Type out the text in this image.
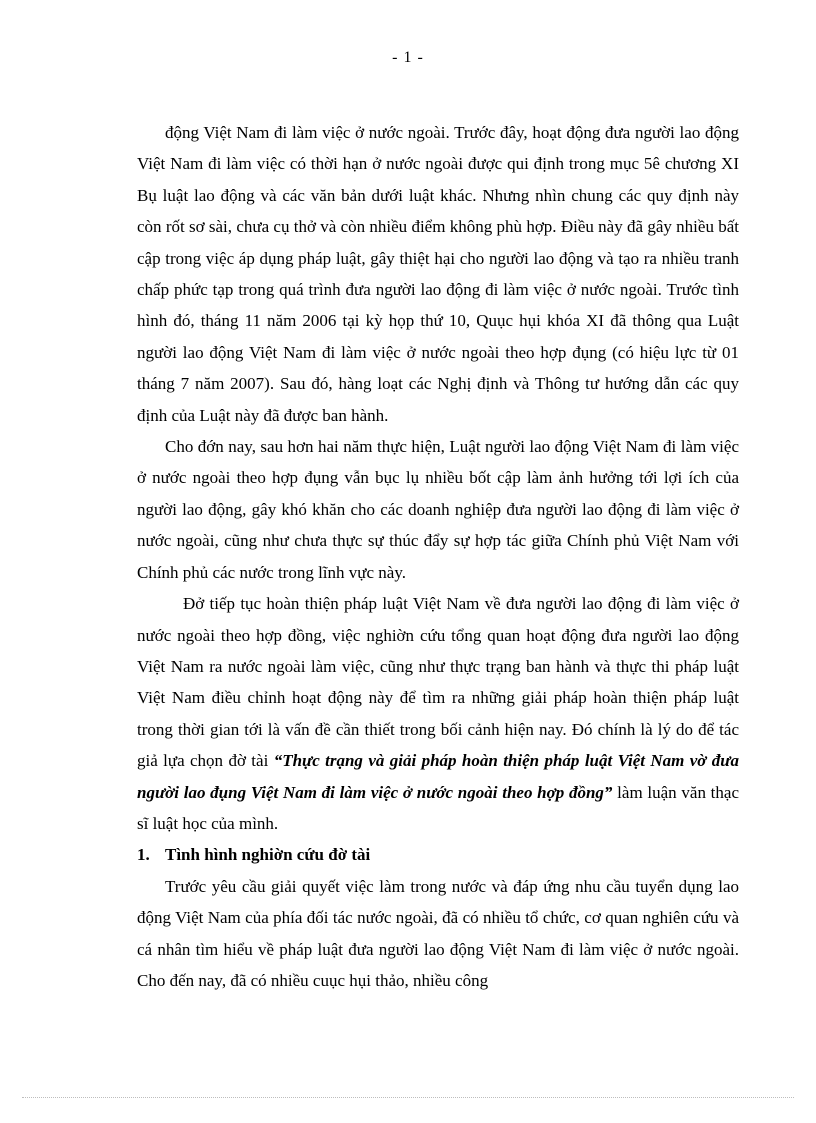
- 1 -

động Việt Nam đi làm việc ở nước ngoài. Trước đây, hoạt động đưa người lao động Việt Nam đi làm việc có thời hạn ở nước ngoài được qui định trong mục 5ê chương XI Bụ luật lao động và các văn bản dưới luật khác. Nhưng nhìn chung các quy định này còn rốt sơ sài, chưa cụ thở và còn nhiều điểm không phù hợp. Điều này đã gây nhiều bất cập trong việc áp dụng pháp luật, gây thiệt hại cho người lao động và tạo ra nhiều tranh chấp phức tạp trong quá trình đưa người lao động đi làm việc ở nước ngoài. Trước tình hình đó, tháng 11 năm 2006 tại kỳ họp thứ 10, Quục hụi khóa XI đã thông qua Luật người lao động Việt Nam đi làm việc ở nước ngoài theo hợp đụng (có hiệu lực từ 01 tháng 7 năm 2007). Sau đó, hàng loạt các Nghị định và Thông tư hướng dẫn các quy định của Luật này đã được ban hành.

Cho đớn nay, sau hơn hai năm thực hiện, Luật người lao động Việt Nam đi làm việc ở nước ngoài theo hợp đụng vẫn bục lụ nhiều bốt cập làm ảnh hưởng tới lợi ích của người lao động, gây khó khăn cho các doanh nghiệp đưa người lao động đi làm việc ở nước ngoài, cũng như chưa thực sự thúc đẩy sự hợp tác giữa Chính phủ Việt Nam với Chính phủ các nước trong lĩnh vực này.

Đở tiếp tục hoàn thiện pháp luật Việt Nam về đưa người lao động đi làm việc ở nước ngoài theo hợp đồng, việc nghiờn cứu tổng quan hoạt động đưa người lao động Việt Nam ra nước ngoài làm việc, cũng như thực trạng ban hành và thực thi pháp luật Việt Nam điều chỉnh hoạt động này để tìm ra những giải pháp hoàn thiện pháp luật trong thời gian tới là vấn đề cần thiết trong bối cảnh hiện nay. Đó chính là lý do để tác giả lựa chọn đờ tài “Thực trạng và giải pháp hoàn thiện pháp luật Việt Nam vờ đưa người lao đụng Việt Nam đi làm việc ở nước ngoài theo hợp đồng” làm luận văn thạc sĩ luật học của mình.

1. Tình hình nghiờn cứu đờ tài

Trước yêu cầu giải quyết việc làm trong nước và đáp ứng nhu cầu tuyển dụng lao động Việt Nam của phía đối tác nước ngoài, đã có nhiều tổ chức, cơ quan nghiên cứu và cá nhân tìm hiểu về pháp luật đưa người lao động Việt Nam đi làm việc ở nước ngoài. Cho đến nay, đã có nhiều cuục hụi thảo, nhiều công
